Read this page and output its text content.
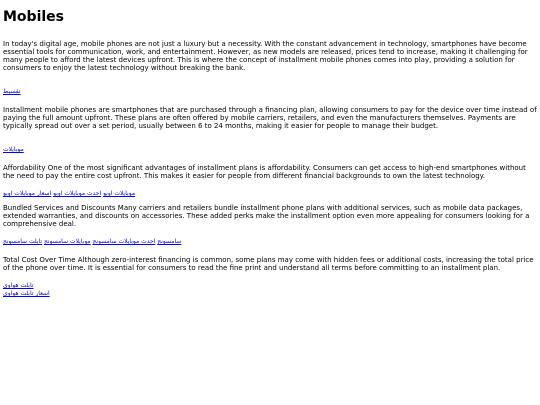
Mobiles

In today's digital age, mobile phones are not just a luxury but a necessity. With the constant advancement in technology, smartphones have become essential tools for communication, work, and entertainment. However, as new models are released, prices tend to increase, making it challenging for many people to afford the latest devices upfront. This is where the concept of installment mobile phones comes into play, providing a solution for consumers to enjoy the latest technology without breaking the bank.

تقسيط

Installment mobile phones are smartphones that are purchased through a financing plan, allowing consumers to pay for the device over time instead of paying the full amount upfront. These plans are often offered by mobile carriers, retailers, and even the manufacturers themselves. Payments are typically spread out over a set period, usually between 6 to 24 months, making it easier for people to manage their budget.

موبايلات

Affordability One of the most significant advantages of installment plans is affordability. Consumers can get access to high-end smartphones without the need to pay the entire cost upfront. This makes it easier for people from different financial backgrounds to own the latest technology.

موبايلات اوبو احدث موبايلات اوبو اسعار موبايلات اوبو

Bundled Services and Discounts Many carriers and retailers bundle installment phone plans with additional services, such as mobile data packages, extended warranties, and discounts on accessories. These added perks make the installment option even more appealing for consumers looking for a comprehensive deal.

سامسونج احدث موبايلات سامسونج موبايلات سامسونج تابلت سامسونج

Total Cost Over Time Although zero-interest financing is common, some plans may come with hidden fees or additional costs, increasing the total price of the phone over time. It is essential for consumers to read the fine print and understand all terms before committing to an installment plan.

تابلت هواوي

اسعار تابلت هواوي
